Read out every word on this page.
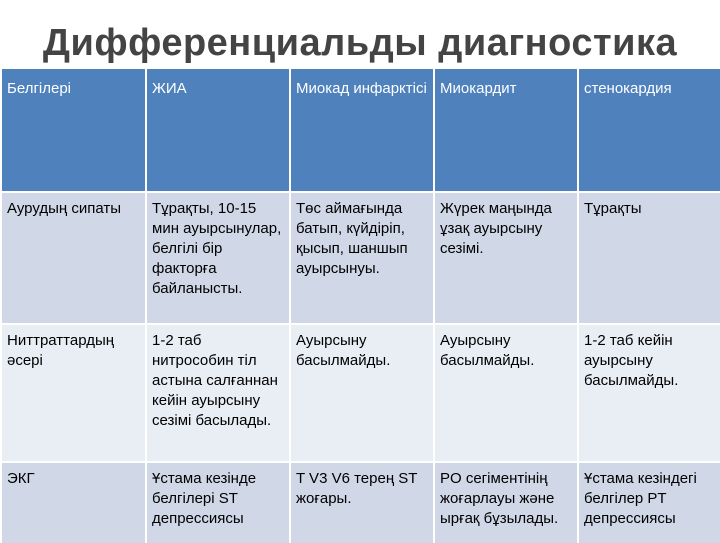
Дифференциальды диагностика
Белгілері	ЖИА	Миокад инфарктісі	Миокардит	стенокардия
Аурудың сипаты	Тұрақты, 10-15 мин ауырсынулар, белгілі бір факторға байланысты.	Төс аймағында батып, күйдіріп, қысып, шаншып ауырсынуы.	Жүрек маңында ұзақ ауырсыну сезімі.	Тұрақты
Ниттраттардың әсері	1-2 таб нитрособин тіл астына салғаннан кейін ауырсыну сезімі басылады.	Ауырсыну басылмайды.	Ауырсыну басылмайды.	1-2 таб кейін ауырсыну басылмайды.
ЭКГ	Ұстама кезінде белгілері ST депрессиясы	T V3 V6 терең ST жоғары.	PO сегіментінің жоғарлауы және ырғақ бұзылады.	Ұстама кезіндегі белгілер PT депрессиясы
